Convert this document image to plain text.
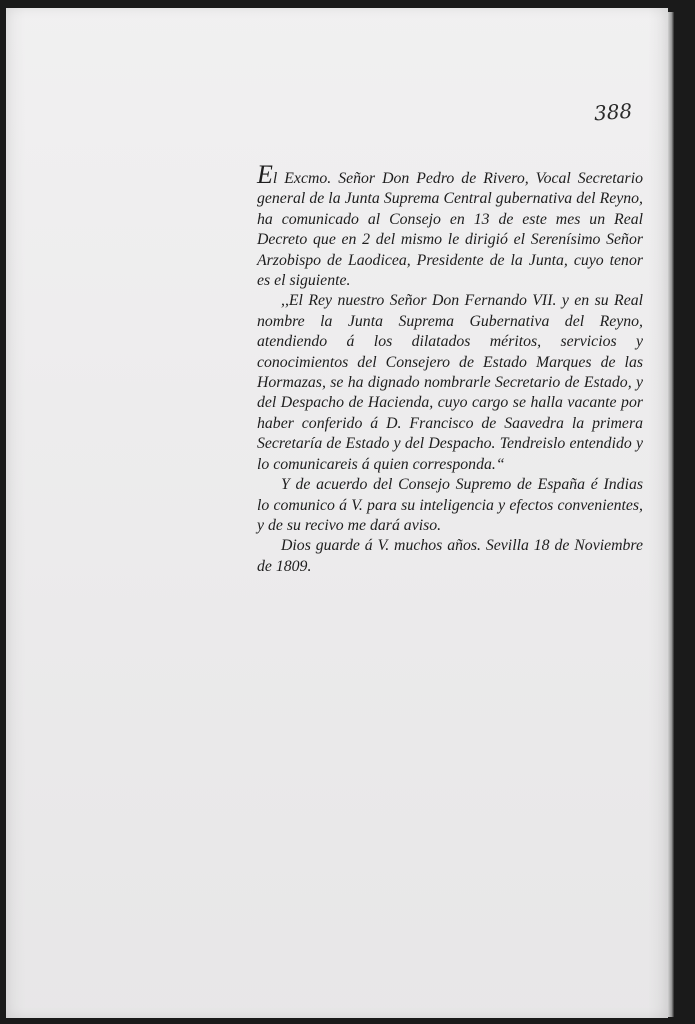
388

El Excmo. Señor Don Pedro de Rivero, Vocal Secretario general de la Junta Suprema Central gubernativa del Reyno, ha comunicado al Consejo en 13 de este mes un Real Decreto que en 2 del mismo le dirigió el Serenísimo Señor Arzobispo de Laodicea, Presidente de la Junta, cuyo tenor es el siguiente.

,,El Rey nuestro Señor Don Fernando VII. y en su Real nombre la Junta Suprema Gubernativa del Reyno, atendiendo á los dilatados méritos, servicios y conocimientos del Consejero de Estado Marques de las Hormazas, se ha dignado nombrarle Secretario de Estado, y del Despacho de Hacienda, cuyo cargo se halla vacante por haber conferido á D. Francisco de Saavedra la primera Secretaría de Estado y del Despacho. Tendreislo entendido y lo comunicareis á quien corresponda.“

Y de acuerdo del Consejo Supremo de España é Indias lo comunico á V. para su inteligencia y efectos convenientes, y de su recivo me dará aviso.

Dios guarde á V. muchos años. Sevilla 18 de Noviembre de 1809.
